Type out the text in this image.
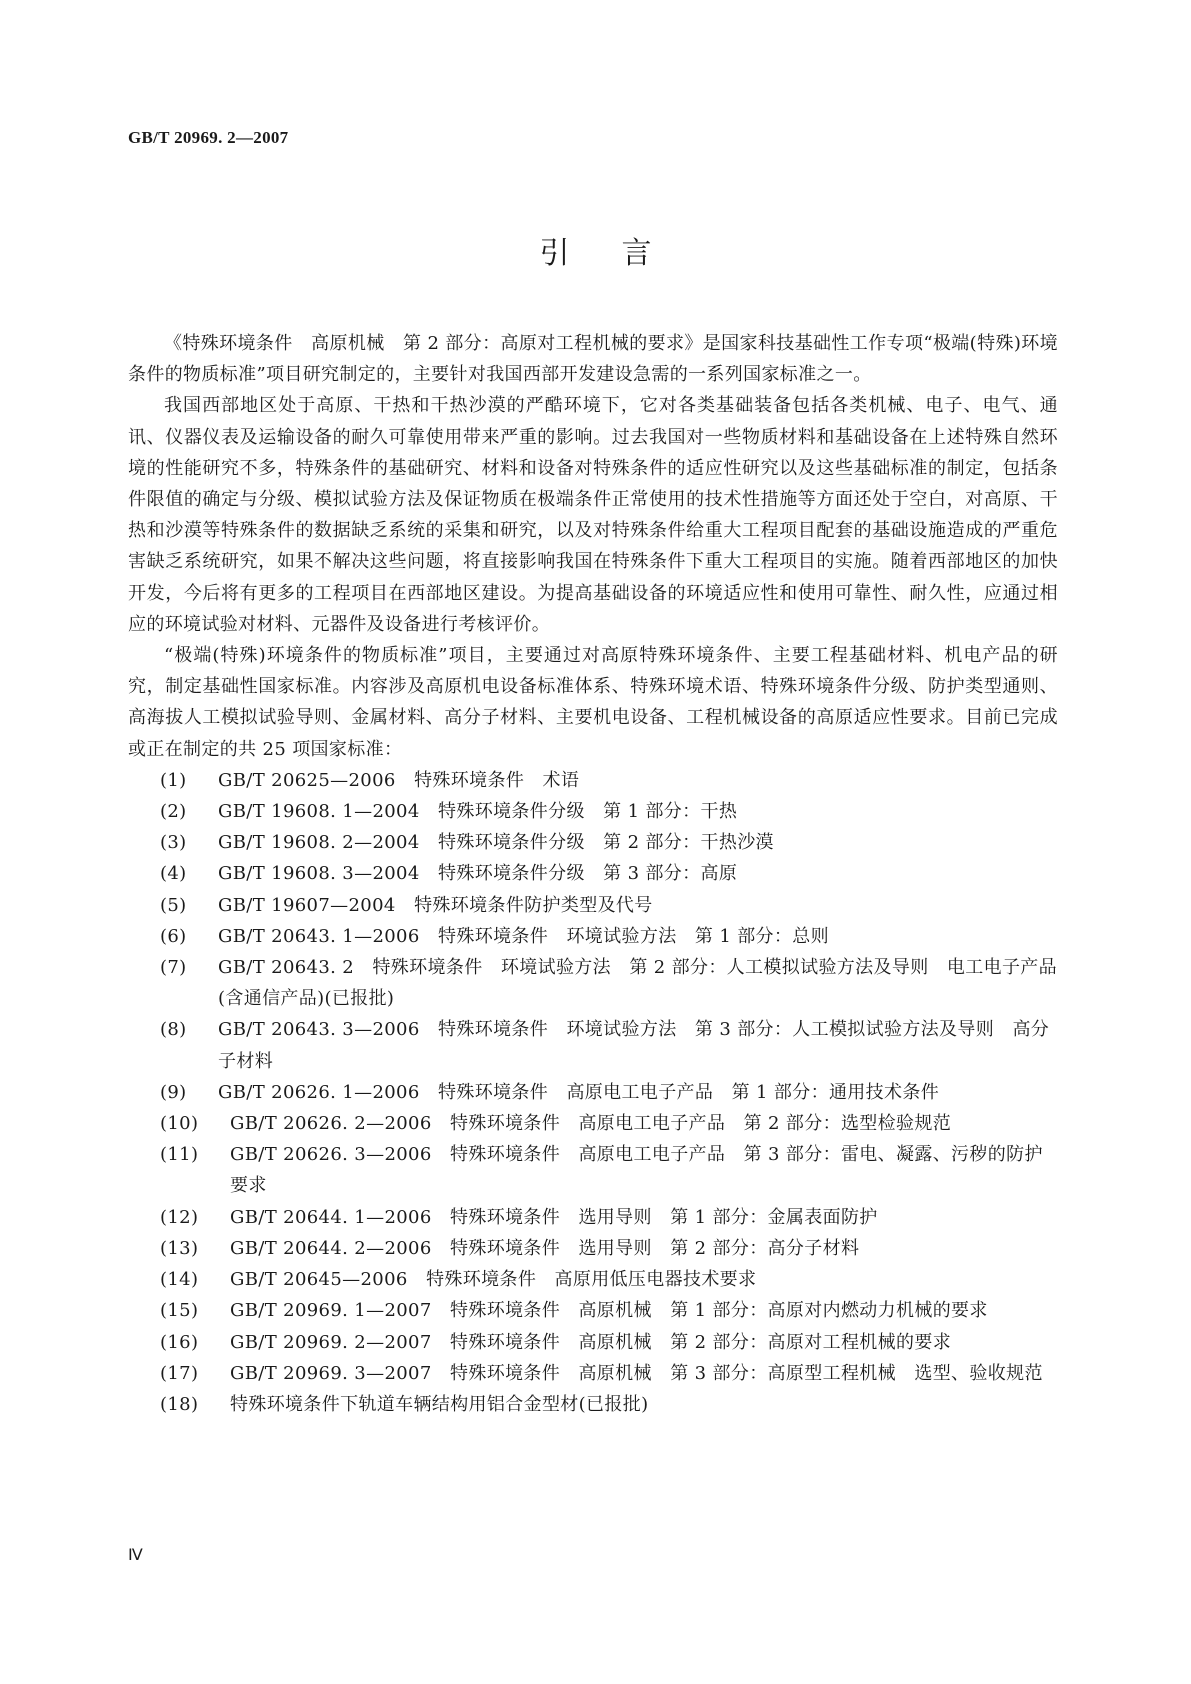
GB/T 20969. 2—2007
引言

《特殊环境条件　高原机械　第 2 部分：高原对工程机械的要求》是国家科技基础性工作专项“极端(特殊)环境条件的物质标准”项目研究制定的，主要针对我国西部开发建设急需的一系列国家标准之一。

我国西部地区处于高原、干热和干热沙漠的严酷环境下，它对各类基础装备包括各类机械、电子、电气、通讯、仪器仪表及运输设备的耐久可靠使用带来严重的影响。过去我国对一些物质材料和基础设备在上述特殊自然环境的性能研究不多，特殊条件的基础研究、材料和设备对特殊条件的适应性研究以及这些基础标准的制定，包括条件限值的确定与分级、模拟试验方法及保证物质在极端条件正常使用的技术性措施等方面还处于空白，对高原、干热和沙漠等特殊条件的数据缺乏系统的采集和研究，以及对特殊条件给重大工程项目配套的基础设施造成的严重危害缺乏系统研究，如果不解决这些问题，将直接影响我国在特殊条件下重大工程项目的实施。随着西部地区的加快开发，今后将有更多的工程项目在西部地区建设。为提高基础设备的环境适应性和使用可靠性、耐久性，应通过相应的环境试验对材料、元器件及设备进行考核评价。

“极端(特殊)环境条件的物质标准”项目，主要通过对高原特殊环境条件、主要工程基础材料、机电产品的研究，制定基础性国家标准。内容涉及高原机电设备标准体系、特殊环境术语、特殊环境条件分级、防护类型通则、高海拔人工模拟试验导则、金属材料、高分子材料、主要机电设备、工程机械设备的高原适应性要求。目前已完成或正在制定的共 25 项国家标准：

(1)	GB/T 20625—2006　特殊环境条件　术语
(2)	GB/T 19608. 1—2004　特殊环境条件分级　第 1 部分：干热
(3)	GB/T 19608. 2—2004　特殊环境条件分级　第 2 部分：干热沙漠
(4)	GB/T 19608. 3—2004　特殊环境条件分级　第 3 部分：高原
(5)	GB/T 19607—2004　特殊环境条件防护类型及代号
(6)	GB/T 20643. 1—2006　特殊环境条件　环境试验方法　第 1 部分：总则
(7)	GB/T 20643. 2　特殊环境条件　环境试验方法　第 2 部分：人工模拟试验方法及导则　电工电子产品(含通信产品)(已报批)
(8)	GB/T 20643. 3—2006　特殊环境条件　环境试验方法　第 3 部分：人工模拟试验方法及导则　高分子材料
(9)	GB/T 20626. 1—2006　特殊环境条件　高原电工电子产品　第 1 部分：通用技术条件
(10)	GB/T 20626. 2—2006　特殊环境条件　高原电工电子产品　第 2 部分：选型检验规范
(11)	GB/T 20626. 3—2006　特殊环境条件　高原电工电子产品　第 3 部分：雷电、凝露、污秽的防护要求
(12)	GB/T 20644. 1—2006　特殊环境条件　选用导则　第 1 部分：金属表面防护
(13)	GB/T 20644. 2—2006　特殊环境条件　选用导则　第 2 部分：高分子材料
(14)	GB/T 20645—2006　特殊环境条件　高原用低压电器技术要求
(15)	GB/T 20969. 1—2007　特殊环境条件　高原机械　第 1 部分：高原对内燃动力机械的要求
(16)	GB/T 20969. 2—2007　特殊环境条件　高原机械　第 2 部分：高原对工程机械的要求
(17)	GB/T 20969. 3—2007　特殊环境条件　高原机械　第 3 部分：高原型工程机械　选型、验收规范
(18)	特殊环境条件下轨道车辆结构用铝合金型材(已报批)
Ⅳ
